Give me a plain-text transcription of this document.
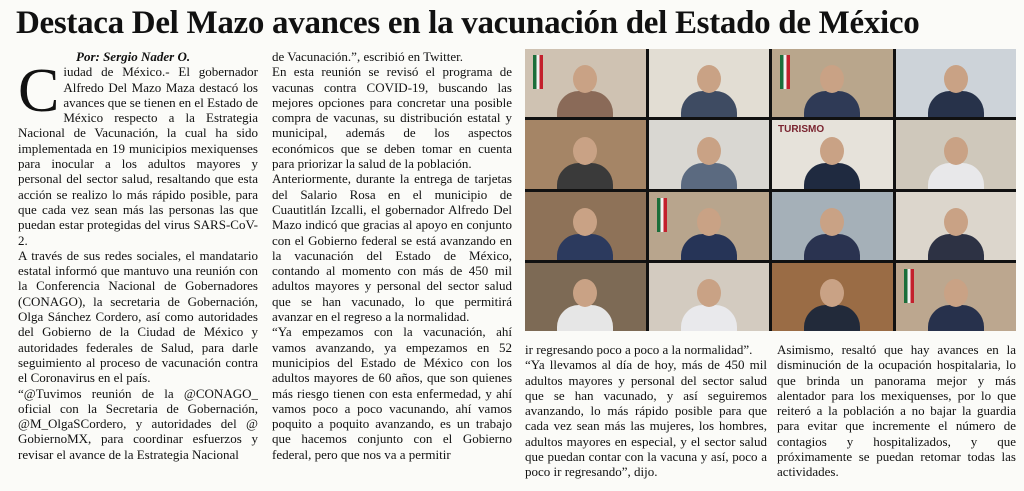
Destaca Del Mazo avances en la vacunación del Estado de México

Por: Sergio Nader O.

Ciudad de México.- El gobernador Alfredo Del Mazo Maza destacó los avances que se tienen en el Estado de México respecto a la Estrategia Nacional de Vacunación, la cual ha sido implementada en 19 municipios mexiquenses para inocular a los adultos mayores y personal del sector salud, resaltando que esta acción se realizo lo más rápido posible, para que cada vez sean más las personas las que puedan estar protegidas del virus SARS-CoV-2.

A través de sus redes sociales, el mandatario estatal informó que mantuvo una reunión con la Conferencia Nacional de Gobernadores (CONAGO), la secretaria de Gobernación, Olga Sánchez Cordero, así como autoridades del Gobierno de la Ciudad de México y autoridades federales de Salud, para darle seguimiento al proceso de vacunación contra el Coronavirus en el país.

“@Tuvimos reunión de la @CONAGO_ oficial con la Secretaria de Gobernación, @M_OlgaSCordero, y autoridades del @ GobiernoMX, para coordinar esfuerzos y revisar el avance de la Estrategia Nacional

de Vacunación.”, escribió en Twitter.

En esta reunión se revisó el programa de vacunas contra COVID-19, buscando las mejores opciones para concretar una posible compra de vacunas, su distribución estatal y municipal, además de los aspectos económicos que se deben tomar en cuenta para priorizar la salud de la población.

Anteriormente, durante la entrega de tarjetas del Salario Rosa en el municipio de Cuautitlán Izcalli, el gobernador Alfredo Del Mazo indicó que gracias al apoyo en conjunto con el Gobierno federal se está avanzando en la vacunación del Estado de México, contando al momento con más de 450 mil adultos mayores y personal del sector salud que se han vacunado, lo que permitirá avanzar en el regreso a la normalidad.

“Ya empezamos con la vacunación, ahí vamos avanzando, ya empezamos en 52 municipios del Estado de México con los adultos mayores de 60 años, que son quienes más riesgo tienen con esta enfermedad, y ahí vamos poco a poco vacunando, ahí vamos poquito a poquito avanzando, es un trabajo que hacemos conjunto con el Gobierno federal, pero que nos va a permitir

TURISMO

ir regresando poco a poco a la normalidad”.

“Ya llevamos al día de hoy, más de 450 mil adultos mayores y personal del sector salud que se han vacunado, y así seguiremos avanzando, lo más rápido posible para que cada vez sean más las mujeres, los hombres, adultos mayores en especial, y el sector salud que puedan contar con la vacuna y así, poco a poco ir regresando”, dijo.

Asimismo, resaltó que hay avances en la disminución de la ocupación hospitalaria, lo que brinda un panorama mejor y más alentador para los mexiquenses, por lo que reiteró a la población a no bajar la guardia para evitar que incremente el número de contagios y hospitalizados, y que próximamente se puedan retomar todas las actividades.
